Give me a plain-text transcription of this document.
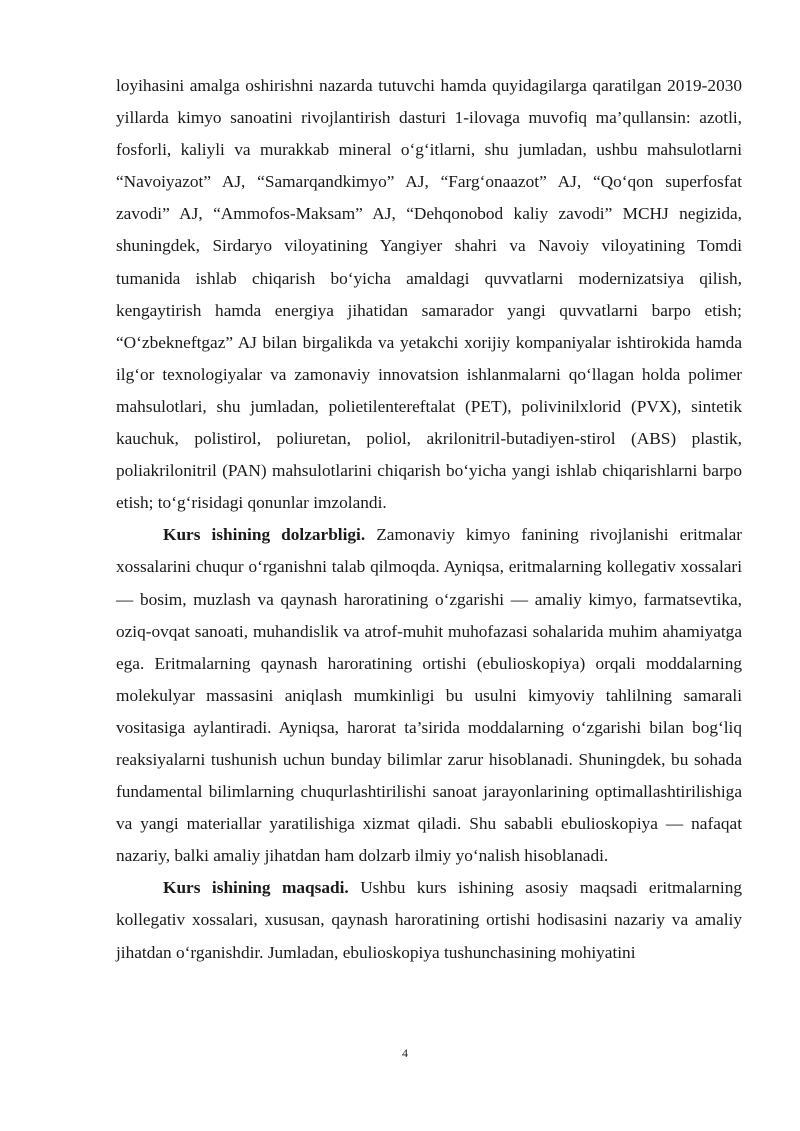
loyihasini amalga oshirishni nazarda tutuvchi hamda quyidagilarga qaratilgan 2019-2030 yillarda kimyo sanoatini rivojlantirish dasturi 1-ilovaga muvofiq ma’qullansin: azotli, fosforli, kaliyli va murakkab mineral o‘g‘itlarni, shu jumladan, ushbu mahsulotlarni “Navoiyazot” AJ, “Samarqandkimyo” AJ, “Farg‘onaazot” AJ, “Qo‘qon superfosfat zavodi” AJ, “Ammofos-Maksam” AJ, “Dehqonobod kaliy zavodi” MCHJ negizida, shuningdek, Sirdaryo viloyatining Yangiyer shahri va Navoiy viloyatining Tomdi tumanida ishlab chiqarish bo‘yicha amaldagi quvvatlarni modernizatsiya qilish, kengaytirish hamda energiya jihatidan samarador yangi quvvatlarni barpo etish; “O‘zbekneftgaz” AJ bilan birgalikda va yetakchi xorijiy kompaniyalar ishtirokida hamda ilg‘or texnologiyalar va zamonaviy innovatsion ishlanmalarni qo‘llagan holda polimer mahsulotlari, shu jumladan, polietilentereftalat (PET), polivinilxlorid (PVX), sintetik kauchuk, polistirol, poliuretan, poliol, akrilonitril-butadiyen-stirol (ABS) plastik, poliakrilonitril (PAN) mahsulotlarini chiqarish bo‘yicha yangi ishlab chiqarishlarni barpo etish; to‘g‘risidagi qonunlar imzolandi.

Kurs ishining dolzarbligi. Zamonaviy kimyo fanining rivojlanishi eritmalar xossalarini chuqur o‘rganishni talab qilmoqda. Ayniqsa, eritmalarning kollegativ xossalari — bosim, muzlash va qaynash haroratining o‘zgarishi — amaliy kimyo, farmatsevtika, oziq-ovqat sanoati, muhandislik va atrof-muhit muhofazasi sohalarida muhim ahamiyatga ega. Eritmalarning qaynash haroratining ortishi (ebulioskopiya) orqali moddalarning molekulyar massasini aniqlash mumkinligi bu usulni kimyoviy tahlilning samarali vositasiga aylantiradi. Ayniqsa, harorat ta’sirida moddalarning o‘zgarishi bilan bog‘liq reaksiyalarni tushunish uchun bunday bilimlar zarur hisoblanadi. Shuningdek, bu sohada fundamental bilimlarning chuqurlashtirilishi sanoat jarayonlarining optimallashtirilishiga va yangi materiallar yaratilishiga xizmat qiladi. Shu sababli ebulioskopiya — nafaqat nazariy, balki amaliy jihatdan ham dolzarb ilmiy yo‘nalish hisoblanadi.

Kurs ishining maqsadi. Ushbu kurs ishining asosiy maqsadi eritmalarning kollegativ xossalari, xususan, qaynash haroratining ortishi hodisasini nazariy va amaliy jihatdan o‘rganishdir. Jumladan, ebulioskopiya tushunchasining mohiyatini

4
